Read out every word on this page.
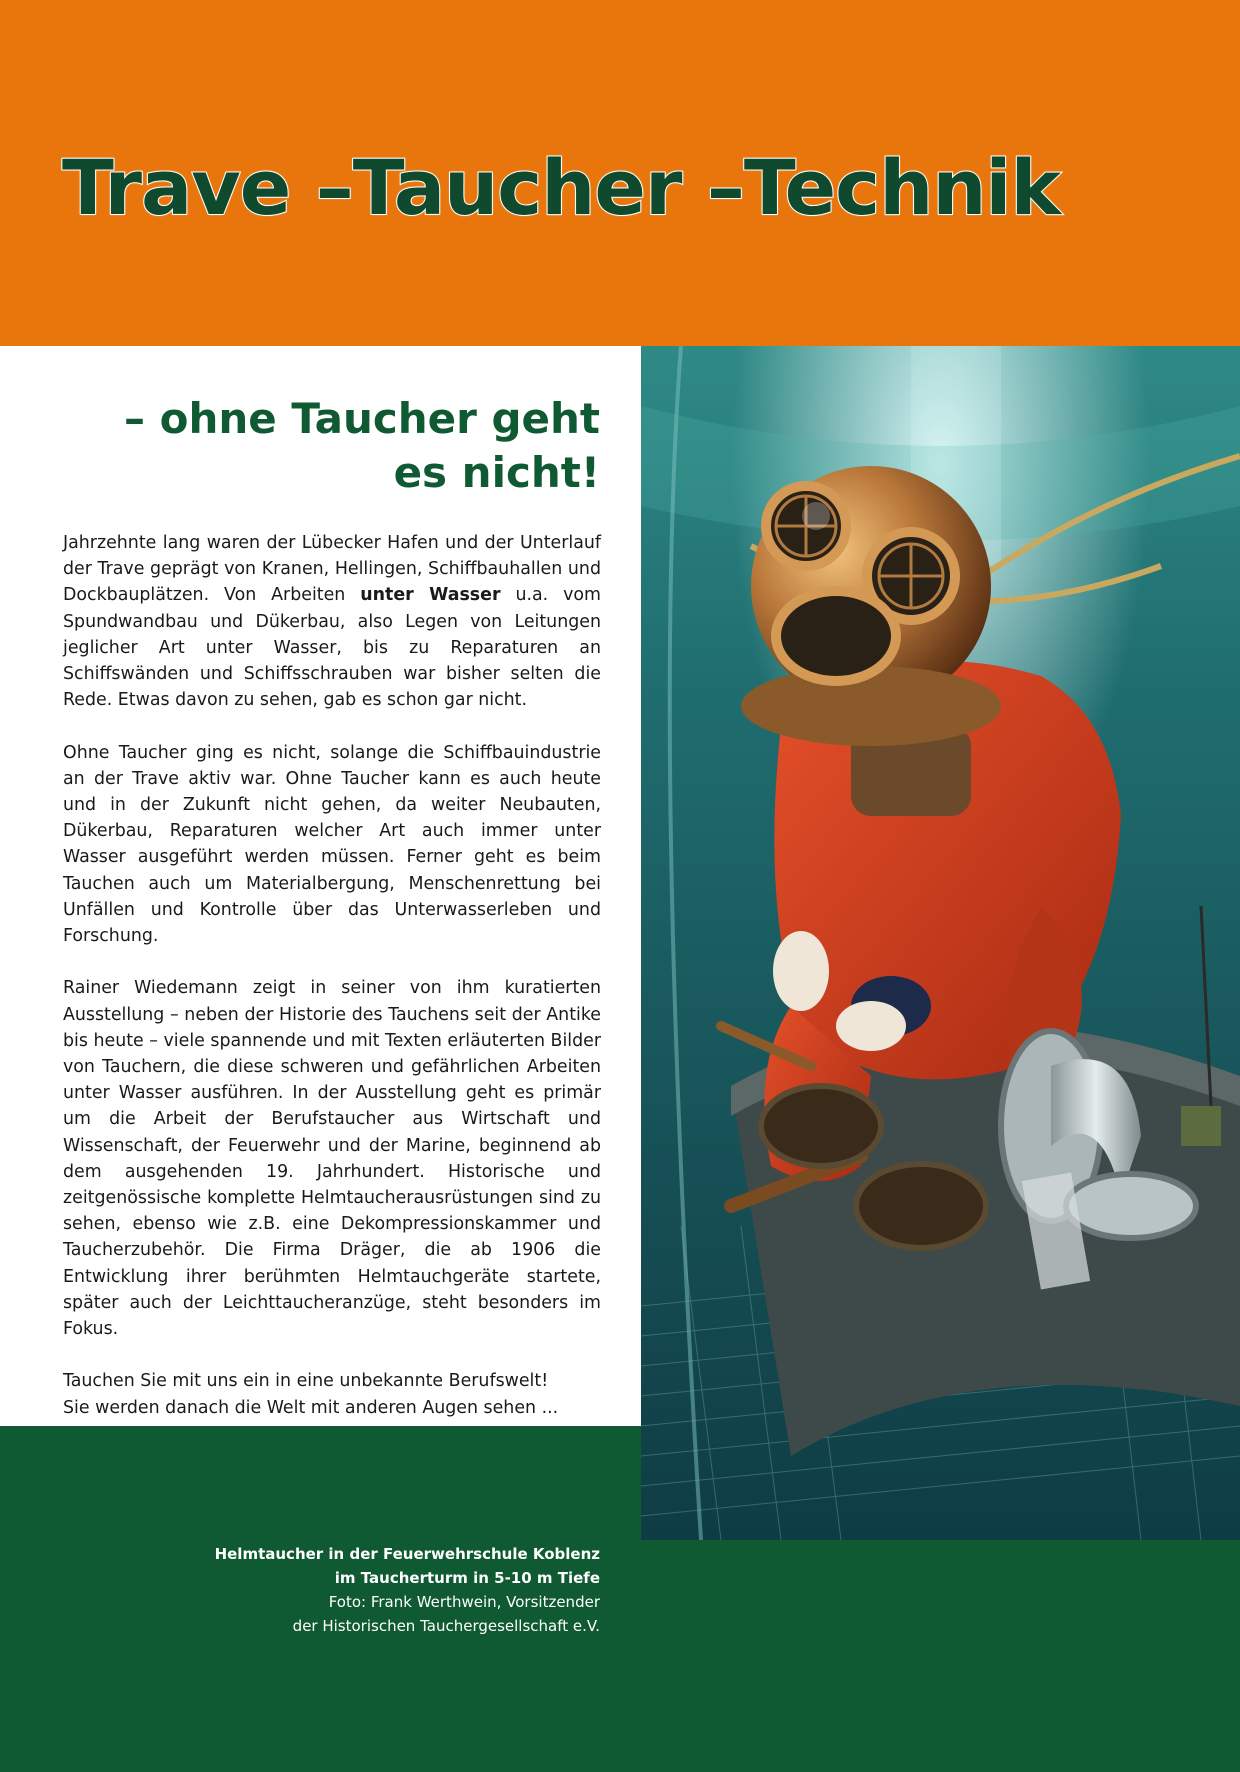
Trave –Taucher –Technik
– ohne Taucher geht
es nicht!

Jahrzehnte lang waren der Lübecker Hafen und der Unterlauf der Trave geprägt von Kranen, Hellingen, Schiffbauhallen und Dockbauplätzen. Von Arbeiten unter Wasser u.a. vom Spundwandbau und Dükerbau, also Legen von Leitungen jeglicher Art unter Wasser, bis zu Reparaturen an Schiffswänden und Schiffsschrauben war bisher selten die Rede. Etwas davon zu sehen, gab es schon gar nicht.

Ohne Taucher ging es nicht, solange die Schiffbauindustrie an der Trave aktiv war. Ohne Taucher kann es auch heute und in der Zukunft nicht gehen, da weiter Neubauten, Dükerbau, Reparaturen welcher Art auch immer unter Wasser ausgeführt werden müssen. Ferner geht es beim Tauchen auch um Materialbergung, Menschenrettung bei Unfällen und Kontrolle über das Unterwasserleben und Forschung.

Rainer Wiedemann zeigt in seiner von ihm kuratierten Ausstellung – neben der Historie des Tauchens seit der Antike bis heute – viele spannende und mit Texten erläuterten Bilder von Tauchern, die diese schweren und gefährlichen Arbeiten unter Wasser ausführen. In der Ausstellung geht es primär um die Arbeit der Berufstaucher aus Wirtschaft und Wissenschaft, der Feuerwehr und der Marine, beginnend ab dem ausgehenden 19. Jahrhundert. Historische und zeitgenössische komplette Helmtaucherausrüstungen sind zu sehen, ebenso wie z.B. eine Dekompressionskammer und Taucherzubehör. Die Firma Dräger, die ab 1906 die Entwicklung ihrer berühmten Helmtauchgeräte startete, später auch der Leichttaucheranzüge, steht besonders im Fokus.

Tauchen Sie mit uns ein in eine unbekannte Berufswelt!
Sie werden danach die Welt mit anderen Augen sehen ...

Helmtaucher in der Feuerwehrschule Koblenz
im Taucherturm in 5-10 m Tiefe
Foto: Frank Werthwein, Vorsitzender
der Historischen Tauchergesellschaft e.V.
